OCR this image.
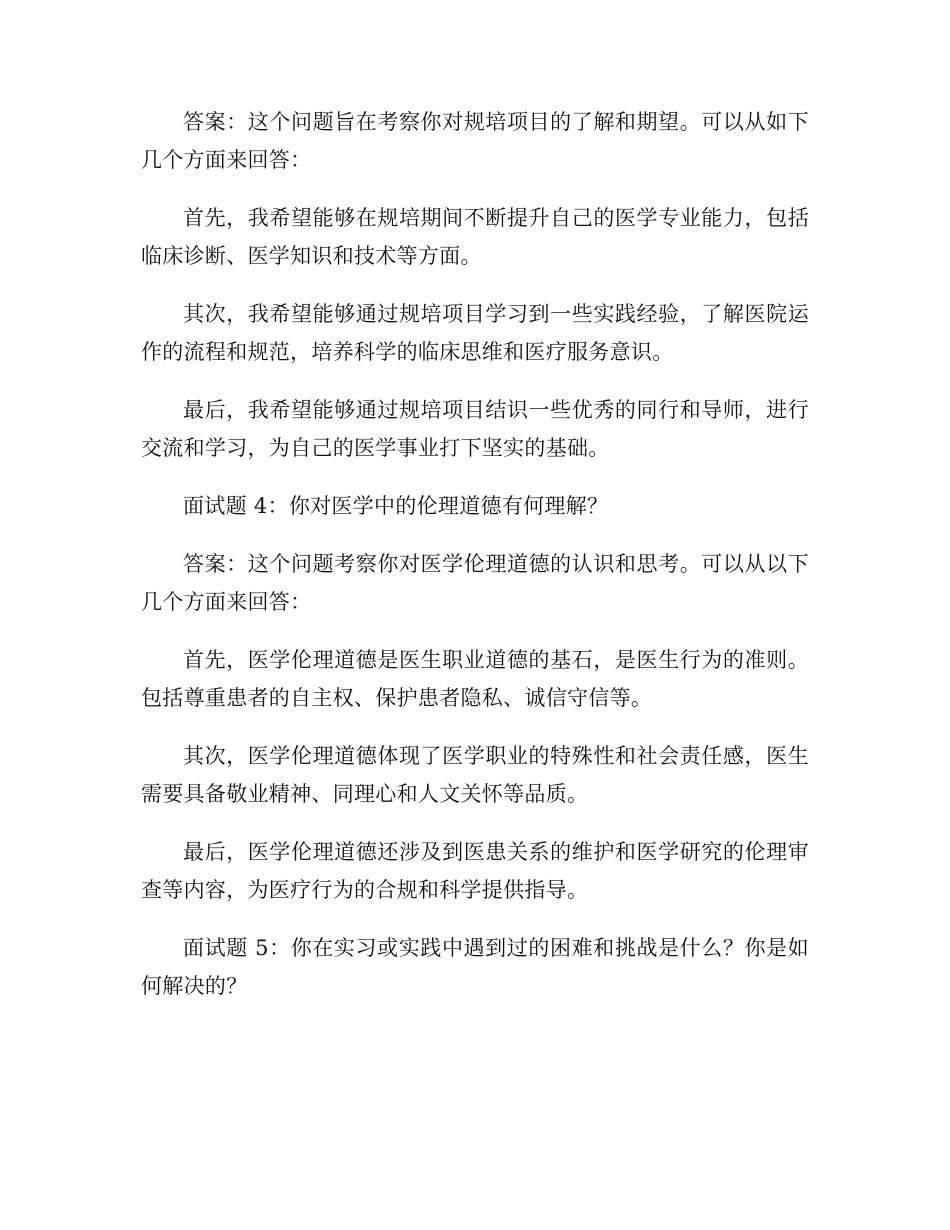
答案：这个问题旨在考察你对规培项目的了解和期望。可以从如下几个方面来回答：

首先，我希望能够在规培期间不断提升自己的医学专业能力，包括临床诊断、医学知识和技术等方面。

其次，我希望能够通过规培项目学习到一些实践经验，了解医院运作的流程和规范，培养科学的临床思维和医疗服务意识。

最后，我希望能够通过规培项目结识一些优秀的同行和导师，进行交流和学习，为自己的医学事业打下坚实的基础。

面试题 4：你对医学中的伦理道德有何理解？

答案：这个问题考察你对医学伦理道德的认识和思考。可以从以下几个方面来回答：

首先，医学伦理道德是医生职业道德的基石，是医生行为的准则。包括尊重患者的自主权、保护患者隐私、诚信守信等。

其次，医学伦理道德体现了医学职业的特殊性和社会责任感，医生需要具备敬业精神、同理心和人文关怀等品质。

最后，医学伦理道德还涉及到医患关系的维护和医学研究的伦理审查等内容，为医疗行为的合规和科学提供指导。

面试题 5：你在实习或实践中遇到过的困难和挑战是什么？你是如何解决的？
